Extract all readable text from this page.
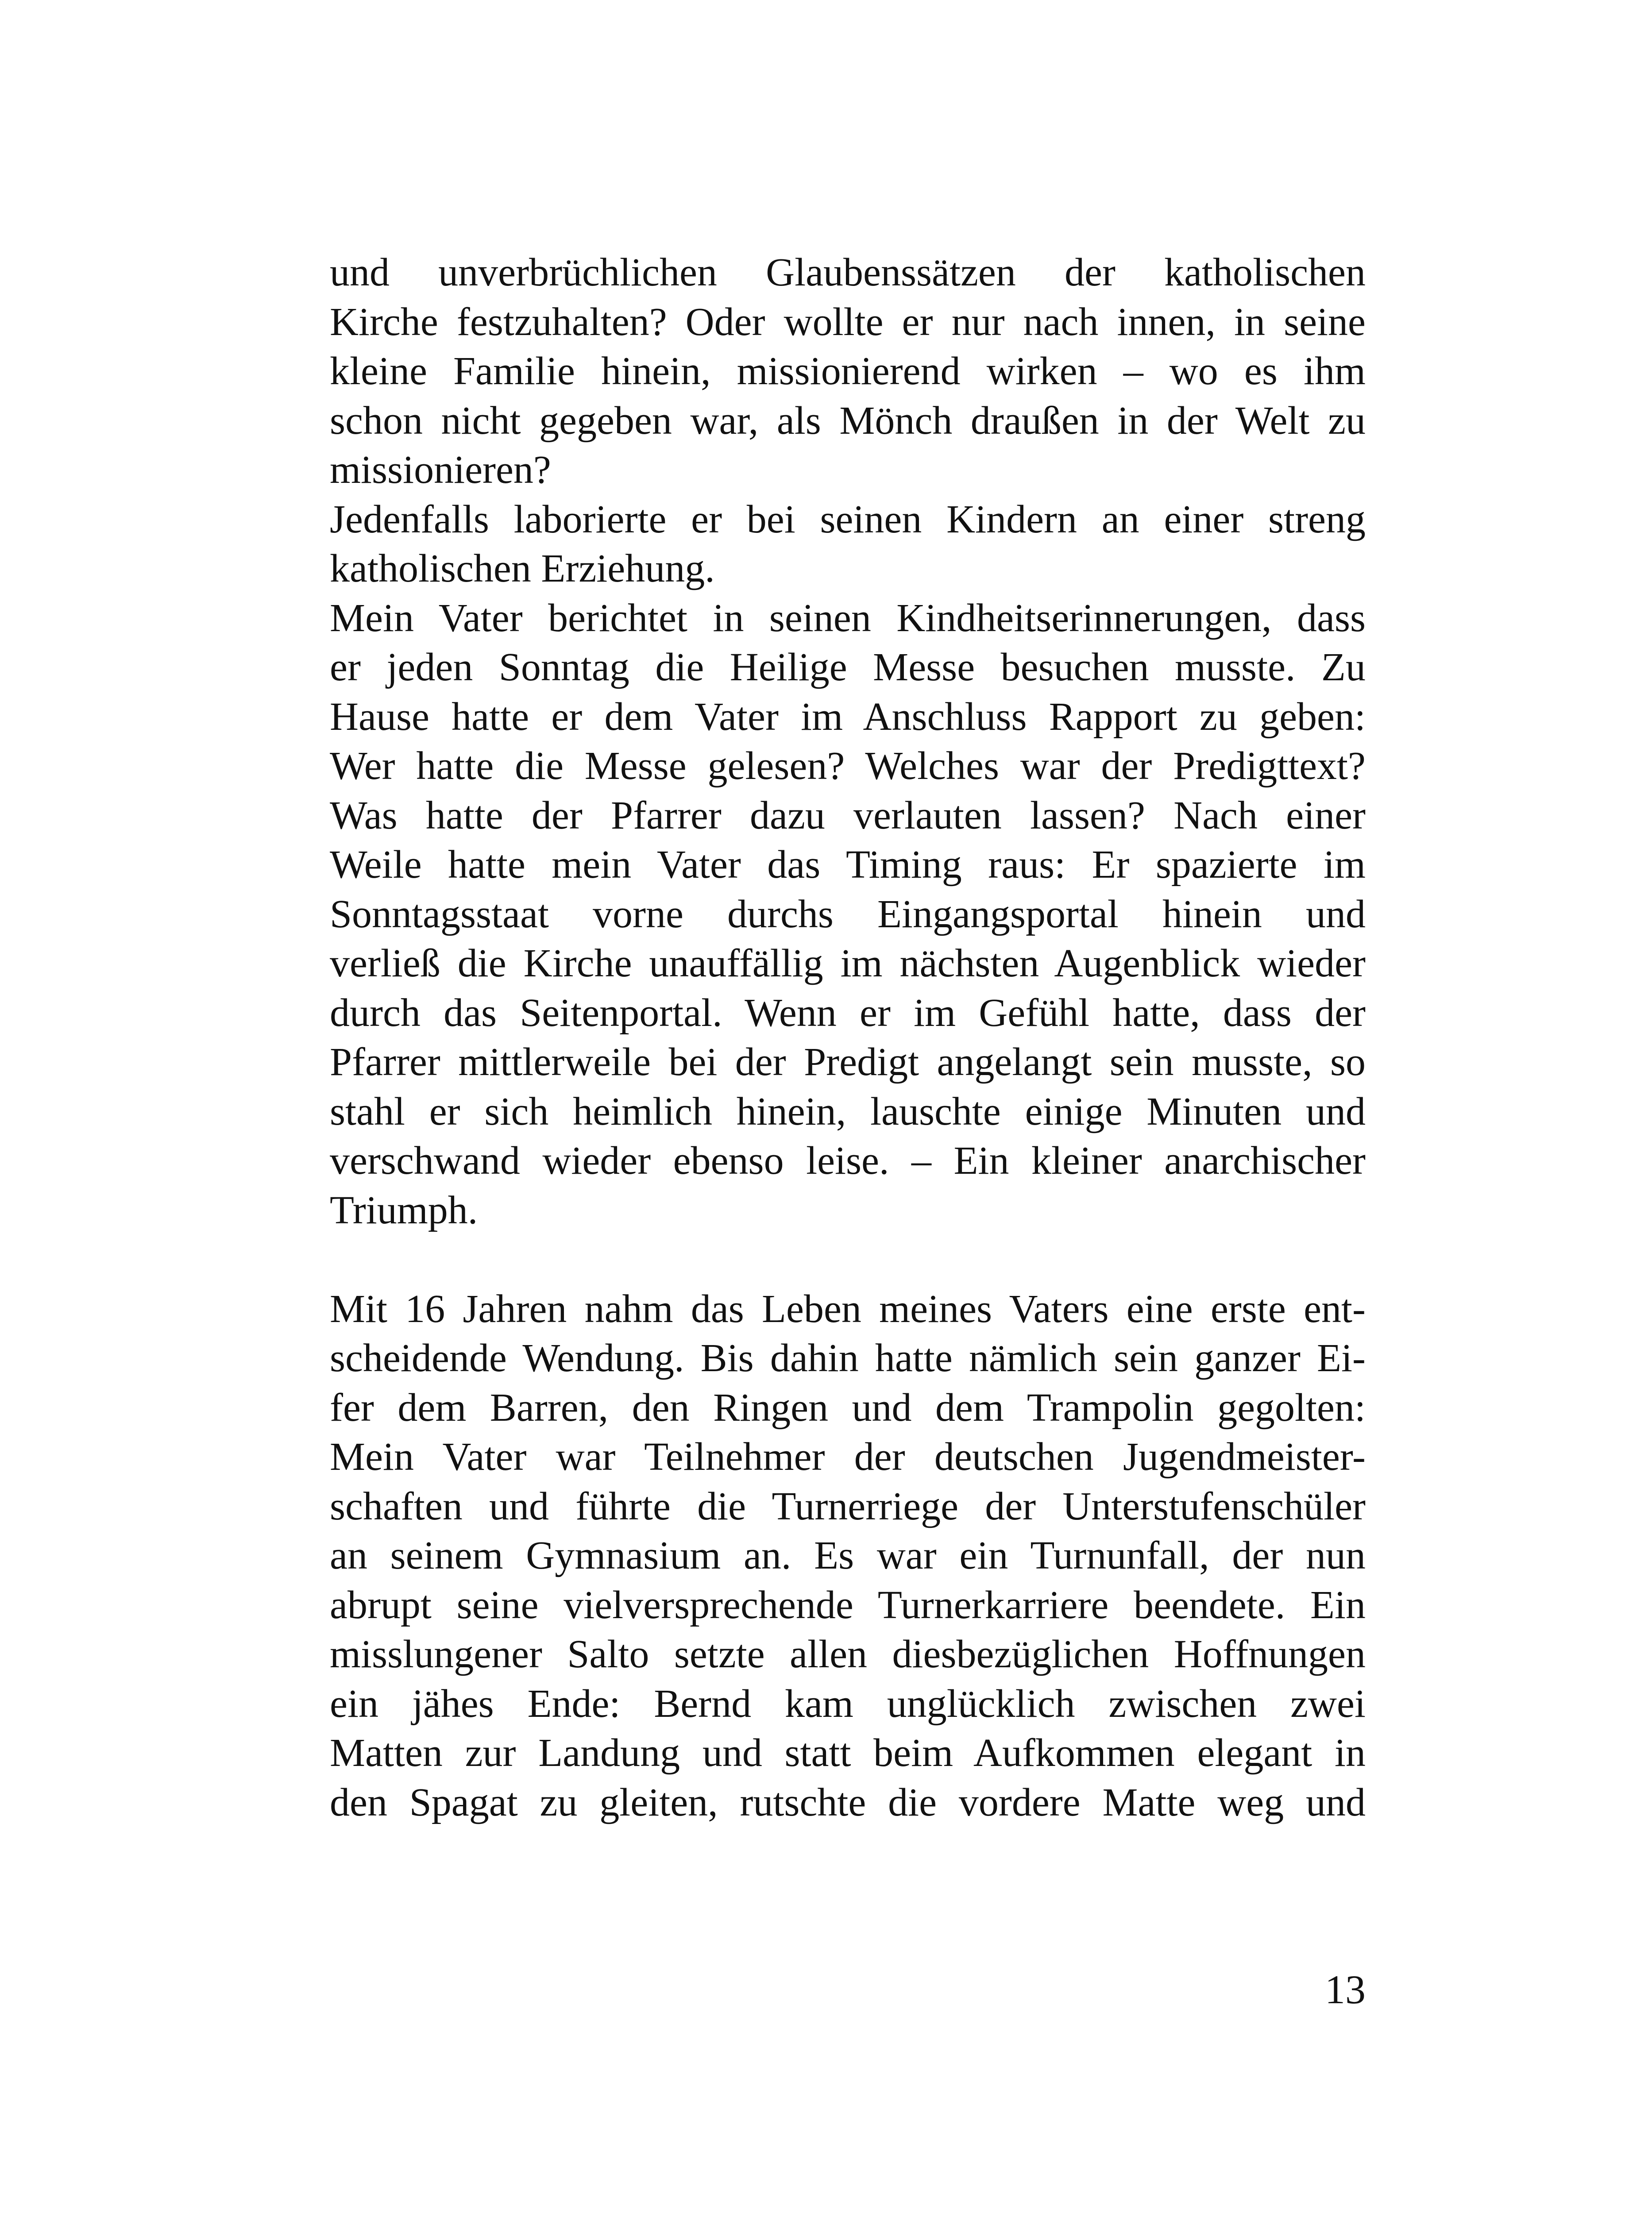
und unverbrüchlichen Glaubenssätzen der katholischen
Kirche festzuhalten? Oder wollte er nur nach innen, in seine
kleine Familie hinein, missionierend wirken – wo es ihm
schon nicht gegeben war, als Mönch draußen in der Welt zu
missionieren?
Jedenfalls laborierte er bei seinen Kindern an einer streng
katholischen Erziehung.
Mein Vater berichtet in seinen Kindheitserinnerungen, dass
er jeden Sonntag die Heilige Messe besuchen musste. Zu
Hause hatte er dem Vater im Anschluss Rapport zu geben:
Wer hatte die Messe gelesen? Welches war der Predigttext?
Was hatte der Pfarrer dazu verlauten lassen? Nach einer
Weile hatte mein Vater das Timing raus: Er spazierte im
Sonntagsstaat vorne durchs Eingangsportal hinein und
verließ die Kirche unauffällig im nächsten Augenblick wieder
durch das Seitenportal. Wenn er im Gefühl hatte, dass der
Pfarrer mittlerweile bei der Predigt angelangt sein musste, so
stahl er sich heimlich hinein, lauschte einige Minuten und
verschwand wieder ebenso leise. – Ein kleiner anarchischer
Triumph.
Mit 16 Jahren nahm das Leben meines Vaters eine erste ent-
scheidende Wendung. Bis dahin hatte nämlich sein ganzer Ei-
fer dem Barren, den Ringen und dem Trampolin gegolten:
Mein Vater war Teilnehmer der deutschen Jugendmeister-
schaften und führte die Turnerriege der Unterstufenschüler
an seinem Gymnasium an. Es war ein Turnunfall, der nun
abrupt seine vielversprechende Turnerkarriere beendete. Ein
misslungener Salto setzte allen diesbezüglichen Hoffnungen
ein jähes Ende: Bernd kam unglücklich zwischen zwei
Matten zur Landung und statt beim Aufkommen elegant in
den Spagat zu gleiten, rutschte die vordere Matte weg und
13
